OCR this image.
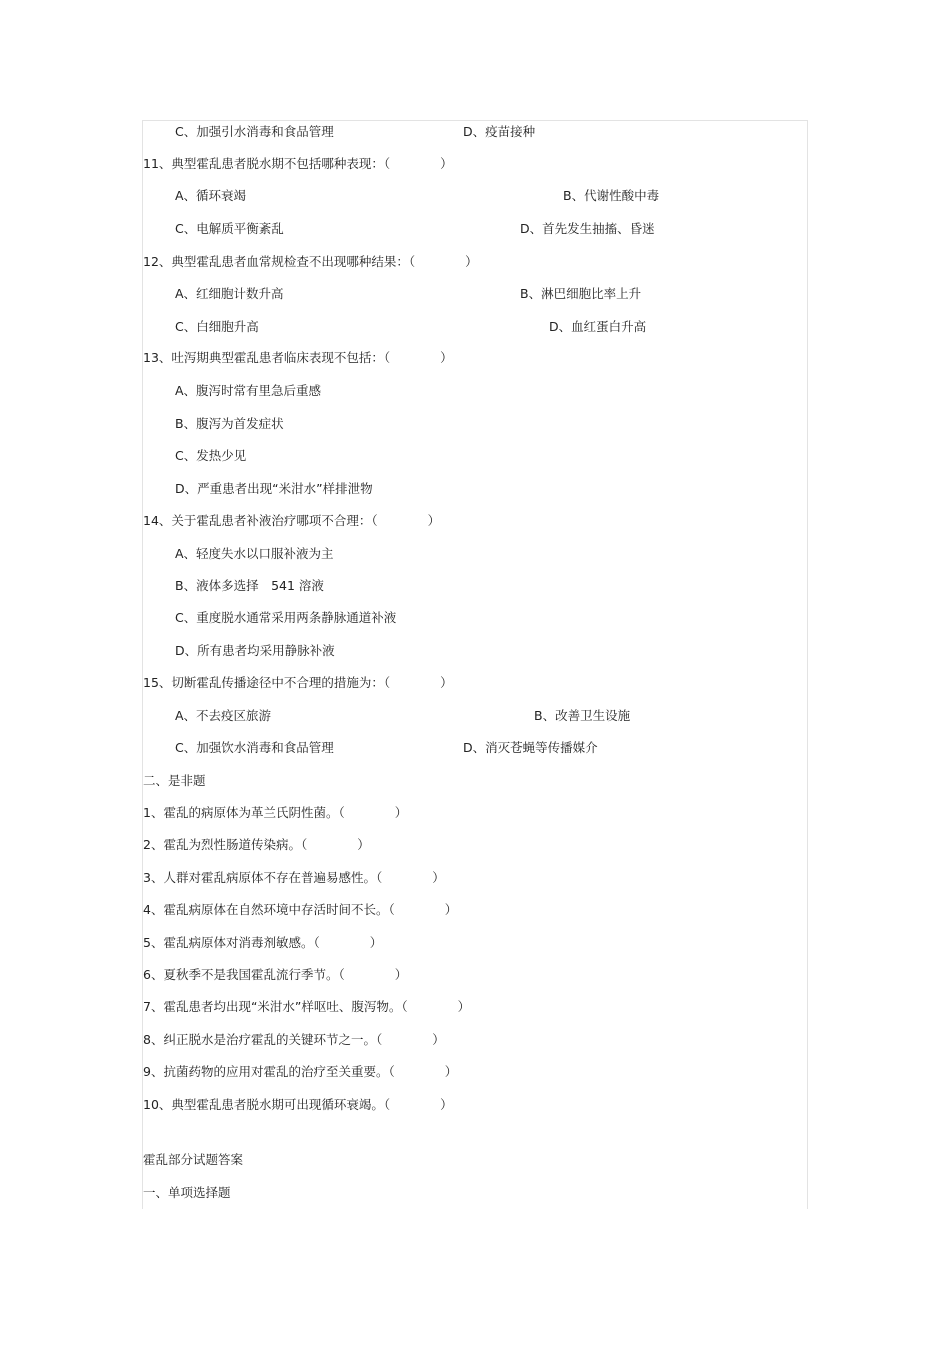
C、加强引水消毒和食品管理	D、疫苗接种
11、典型霍乱患者脱水期不包括哪种表现：（　　　　）
A、循环衰竭	B、代谢性酸中毒
C、电解质平衡紊乱	D、首先发生抽搐、昏迷
12、典型霍乱患者血常规检查不出现哪种结果：（　　　　）
A、红细胞计数升高	B、淋巴细胞比率上升
C、白细胞升高	D、血红蛋白升高
13、吐泻期典型霍乱患者临床表现不包括：（　　　　）
A、腹泻时常有里急后重感
B、腹泻为首发症状
C、发热少见
D、严重患者出现“米泔水”样排泄物
14、关于霍乱患者补液治疗哪项不合理：（　　　　）
A、轻度失水以口服补液为主
B、液体多选择　541 溶液
C、重度脱水通常采用两条静脉通道补液
D、所有患者均采用静脉补液
15、切断霍乱传播途径中不合理的措施为：（　　　　）
A、不去疫区旅游	B、改善卫生设施
C、加强饮水消毒和食品管理	D、消灭苍蝇等传播媒介
二、是非题
1、霍乱的病原体为革兰氏阴性菌。（　　　　）
2、霍乱为烈性肠道传染病。（　　　　）
3、人群对霍乱病原体不存在普遍易感性。（　　　　）
4、霍乱病原体在自然环境中存活时间不长。（　　　　）
5、霍乱病原体对消毒剂敏感。（　　　　）
6、夏秋季不是我国霍乱流行季节。（　　　　）
7、霍乱患者均出现“米泔水”样呕吐、腹泻物。（　　　　）
8、纠正脱水是治疗霍乱的关键环节之一。（　　　　）
9、抗菌药物的应用对霍乱的治疗至关重要。（　　　　）
10、典型霍乱患者脱水期可出现循环衰竭。（　　　　）
霍乱部分试题答案
一、单项选择题
